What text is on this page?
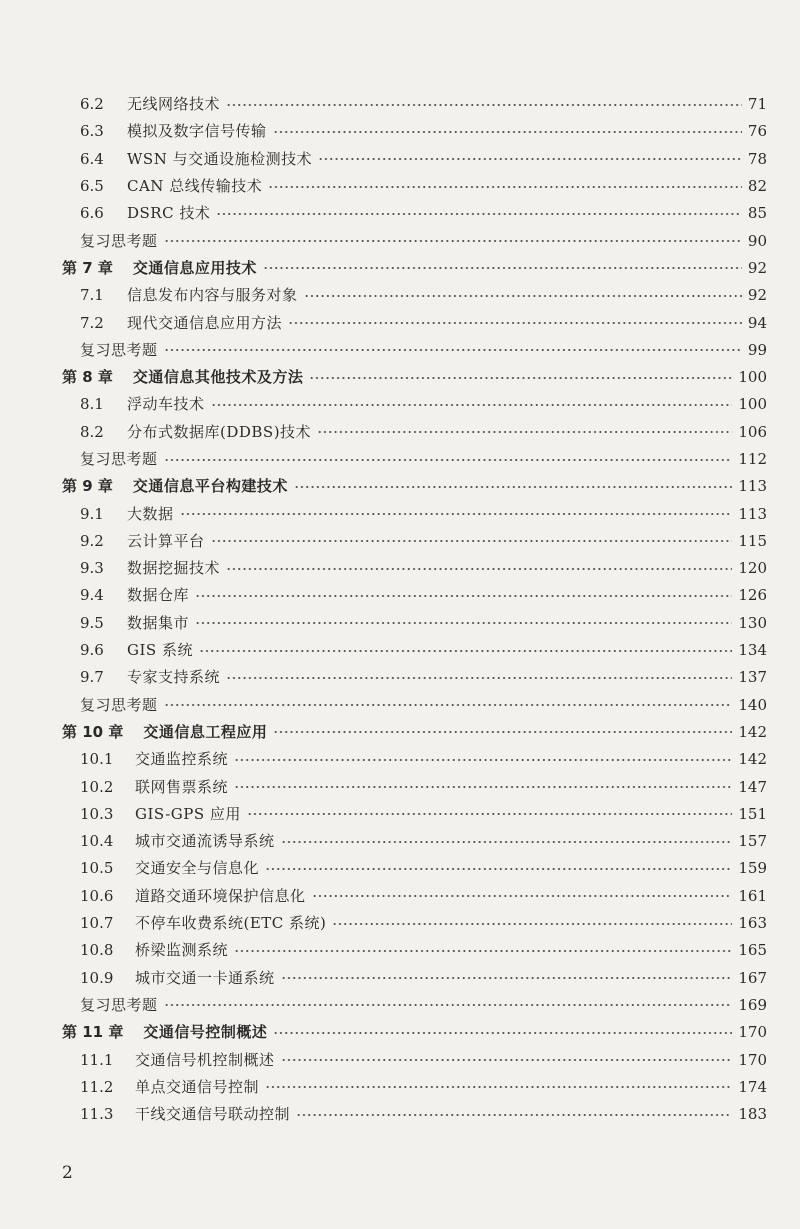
6.2	无线网络技术	71
6.3	模拟及数字信号传输	76
6.4	WSN 与交通设施检测技术	78
6.5	CAN 总线传输技术	82
6.6	DSRC 技术	85
复习思考题	90
第 7 章 交通信息应用技术	92
7.1	信息发布内容与服务对象	92
7.2	现代交通信息应用方法	94
复习思考题	99
第 8 章 交通信息其他技术及方法	100
8.1	浮动车技术	100
8.2	分布式数据库(DDBS)技术	106
复习思考题	112
第 9 章 交通信息平台构建技术	113
9.1	大数据	113
9.2	云计算平台	115
9.3	数据挖掘技术	120
9.4	数据仓库	126
9.5	数据集市	130
9.6	GIS 系统	134
9.7	专家支持系统	137
复习思考题	140
第 10 章 交通信息工程应用	142
10.1	交通监控系统	142
10.2	联网售票系统	147
10.3	GIS-GPS 应用	151
10.4	城市交通流诱导系统	157
10.5	交通安全与信息化	159
10.6	道路交通环境保护信息化	161
10.7	不停车收费系统(ETC 系统)	163
10.8	桥梁监测系统	165
10.9	城市交通一卡通系统	167
复习思考题	169
第 11 章 交通信号控制概述	170
11.1	交通信号机控制概述	170
11.2	单点交通信号控制	174
11.3	干线交通信号联动控制	183
2
